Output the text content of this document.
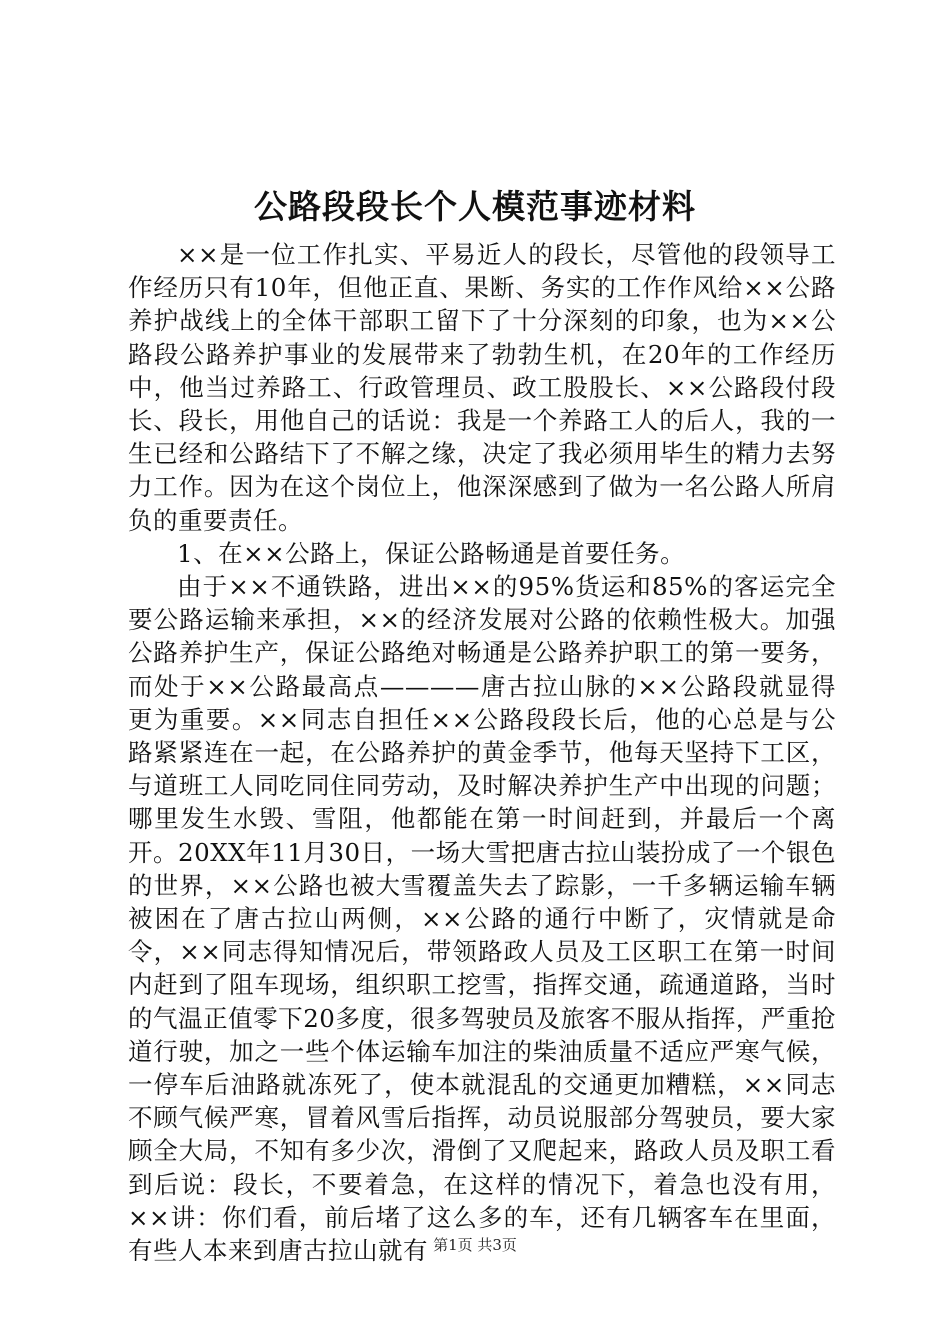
公路段段长个人模范事迹材料

××是一位工作扎实、平易近人的段长，尽管他的段领导工作经历只有10年，但他正直、果断、务实的工作作风给××公路养护战线上的全体干部职工留下了十分深刻的印象，也为××公路段公路养护事业的发展带来了勃勃生机，在20年的工作经历中，他当过养路工、行政管理员、政工股股长、××公路段付段长、段长，用他自己的话说：我是一个养路工人的后人，我的一生已经和公路结下了不解之缘，决定了我必须用毕生的精力去努力工作。因为在这个岗位上，他深深感到了做为一名公路人所肩负的重要责任。

1、在××公路上，保证公路畅通是首要任务。

由于××不通铁路，进出××的95%货运和85%的客运完全要公路运输来承担，××的经济发展对公路的依赖性极大。加强公路养护生产，保证公路绝对畅通是公路养护职工的第一要务，而处于××公路最高点————唐古拉山脉的××公路段就显得更为重要。××同志自担任××公路段段长后，他的心总是与公路紧紧连在一起，在公路养护的黄金季节，他每天坚持下工区，与道班工人同吃同住同劳动，及时解决养护生产中出现的问题；哪里发生水毁、雪阻，他都能在第一时间赶到，并最后一个离开。20XX年11月30日，一场大雪把唐古拉山装扮成了一个银色的世界，××公路也被大雪覆盖失去了踪影，一千多辆运输车辆被困在了唐古拉山两侧，××公路的通行中断了，灾情就是命令，××同志得知情况后，带领路政人员及工区职工在第一时间内赶到了阻车现场，组织职工挖雪，指挥交通，疏通道路，当时的气温正值零下20多度，很多驾驶员及旅客不服从指挥，严重抢道行驶，加之一些个体运输车加注的柴油质量不适应严寒气候，一停车后油路就冻死了，使本就混乱的交通更加糟糕，××同志不顾气候严寒，冒着风雪后指挥，动员说服部分驾驶员，要大家顾全大局，不知有多少次，滑倒了又爬起来，路政人员及职工看到后说：段长，不要着急，在这样的情况下，着急也没有用，××讲：你们看，前后堵了这么多的车，还有几辆客车在里面，有些人本来到唐古拉山就有 第1页 共3页
